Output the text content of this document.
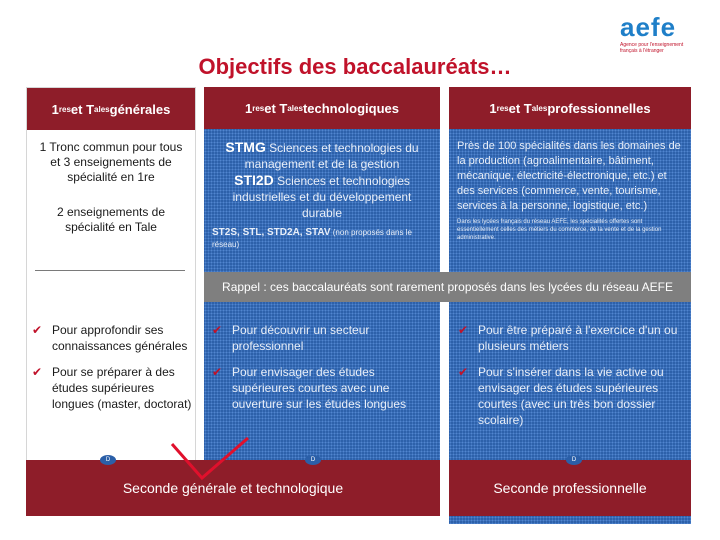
Objectifs des baccalauréats…
aefe
Agence pour l'enseignement français à l'étranger
1 res et T ales générales

1 Tronc commun pour tous et 3 enseignements de spécialité en 1re

2 enseignements de spécialité en Tale

1 res et T ales technologiques

STMG Sciences et technologies du management et de la gestion

STI2D Sciences et technologies industrielles et du développement durable

ST2S, STL, STD2A, STAV (non proposés dans le réseau)

1 res et T ales professionnelles

Près de 100 spécialités dans les domaines de la production (agroalimentaire, bâtiment, mécanique, électricité-électronique, etc.) et des services (commerce, vente, tourisme, services à la personne, logistique, etc.)

Dans les lycées français du réseau AEFE, les spécialités offertes sont essentiellement celles des métiers du commerce, de la vente et de la gestion administrative.

Rappel : ces baccalauréats sont rarement proposés dans les lycées du réseau AEFE
✔ Pour approfondir ses connaissances générales
✔ Pour se préparer à des études supérieures longues (master, doctorat)
✔ Pour découvrir un secteur professionnel
✔ Pour envisager des études supérieures courtes avec une ouverture sur les études longues
✔ Pour être préparé à l'exercice d'un ou plusieurs métiers
✔ Pour s'insérer dans la vie active ou envisager des études supérieures courtes (avec un très bon dossier scolaire)
Seconde générale et technologique	Seconde professionnelle
D	D	D
